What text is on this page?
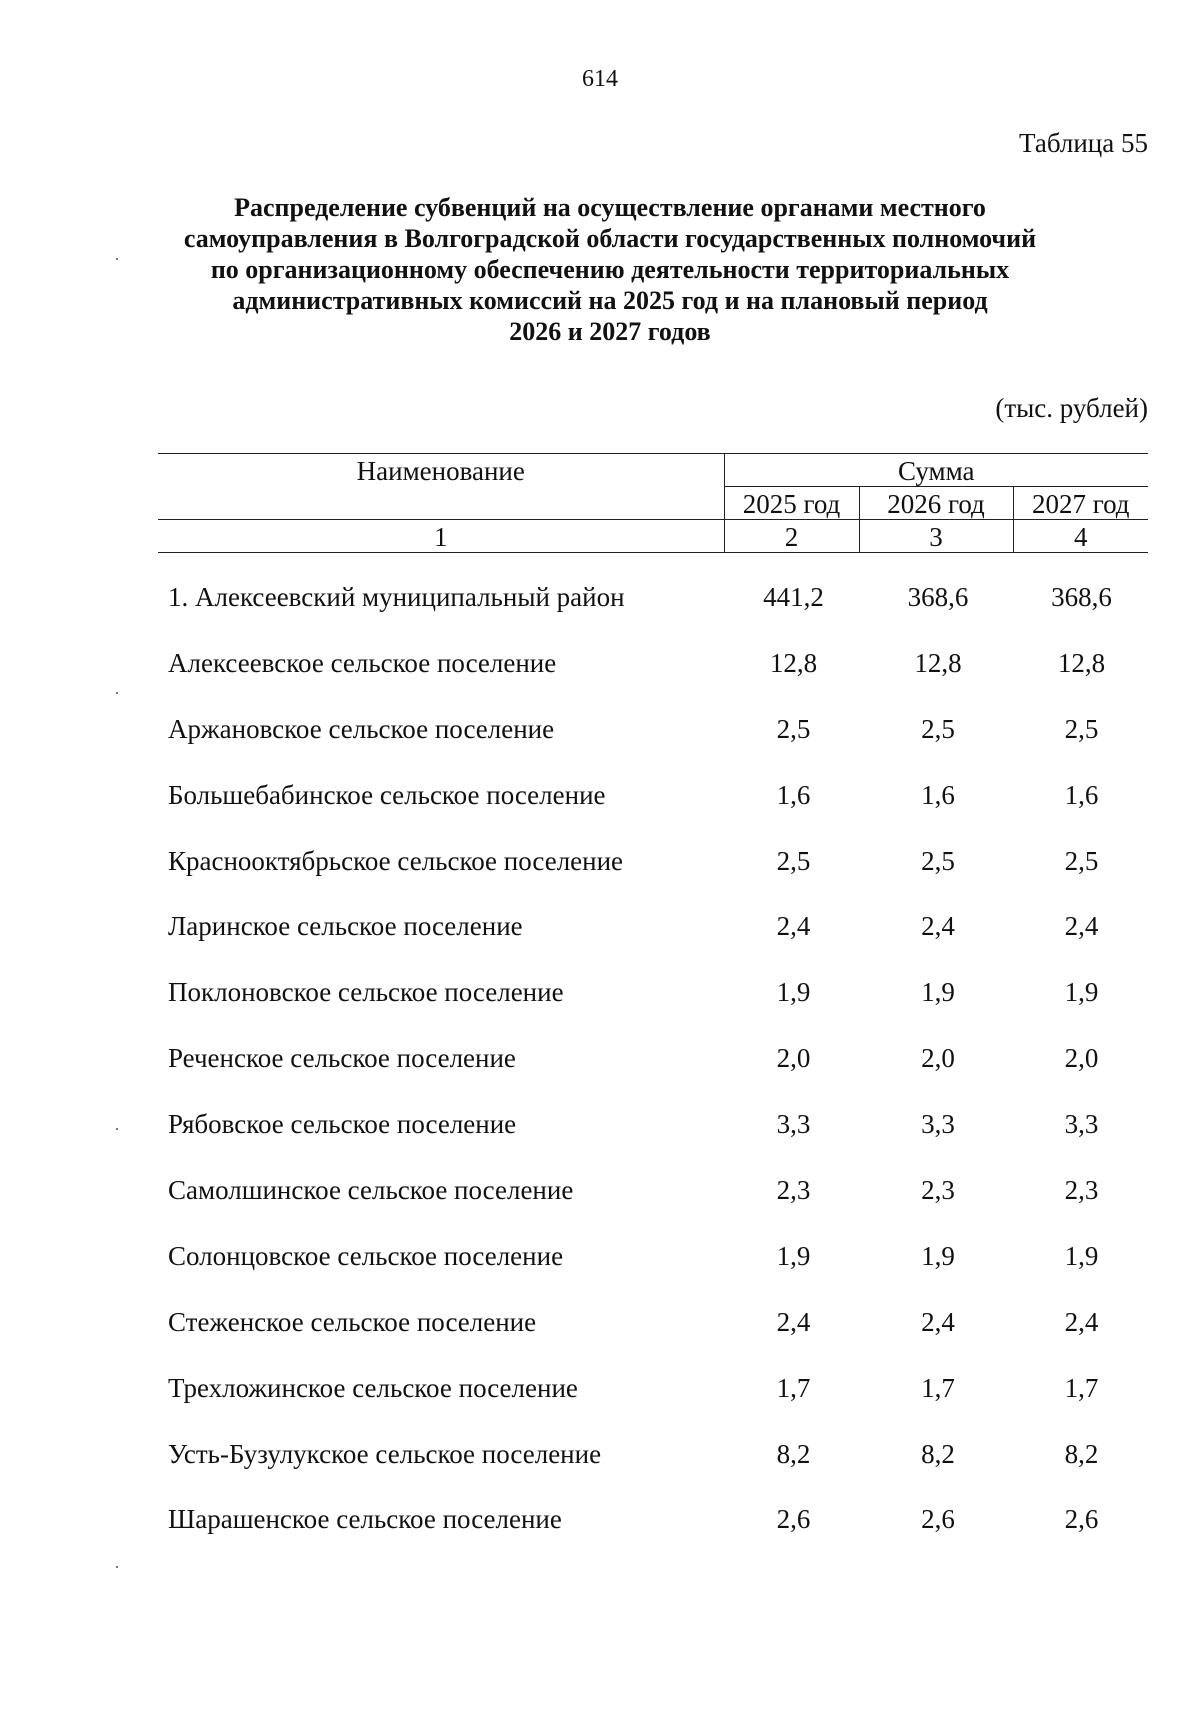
614
Таблица 55
Распределение субвенций на осуществление органами местного
самоуправления в Волгоградской области государственных полномочий
по организационному обеспечению деятельности территориальных
административных комиссий на 2025 год и на плановый период
2026 и 2027 годов
(тыс. рублей)
Наименование	Сумма		
	2025 год	2026 год	2027 год
1	2	3	4
1. Алексеевский муниципальный район	441,2	368,6	368,6
Алексеевское сельское поселение	12,8	12,8	12,8
Аржановское сельское поселение	2,5	2,5	2,5
Большебабинское сельское поселение	1,6	1,6	1,6
Краснооктябрьское сельское поселение	2,5	2,5	2,5
Ларинское сельское поселение	2,4	2,4	2,4
Поклоновское сельское поселение	1,9	1,9	1,9
Реченское сельское поселение	2,0	2,0	2,0
Рябовское сельское поселение	3,3	3,3	3,3
Самолшинское сельское поселение	2,3	2,3	2,3
Солонцовское сельское поселение	1,9	1,9	1,9
Стеженское сельское поселение	2,4	2,4	2,4
Трехложинское сельское поселение	1,7	1,7	1,7
Усть-Бузулукское сельское поселение	8,2	8,2	8,2
Шарашенское сельское поселение	2,6	2,6	2,6
